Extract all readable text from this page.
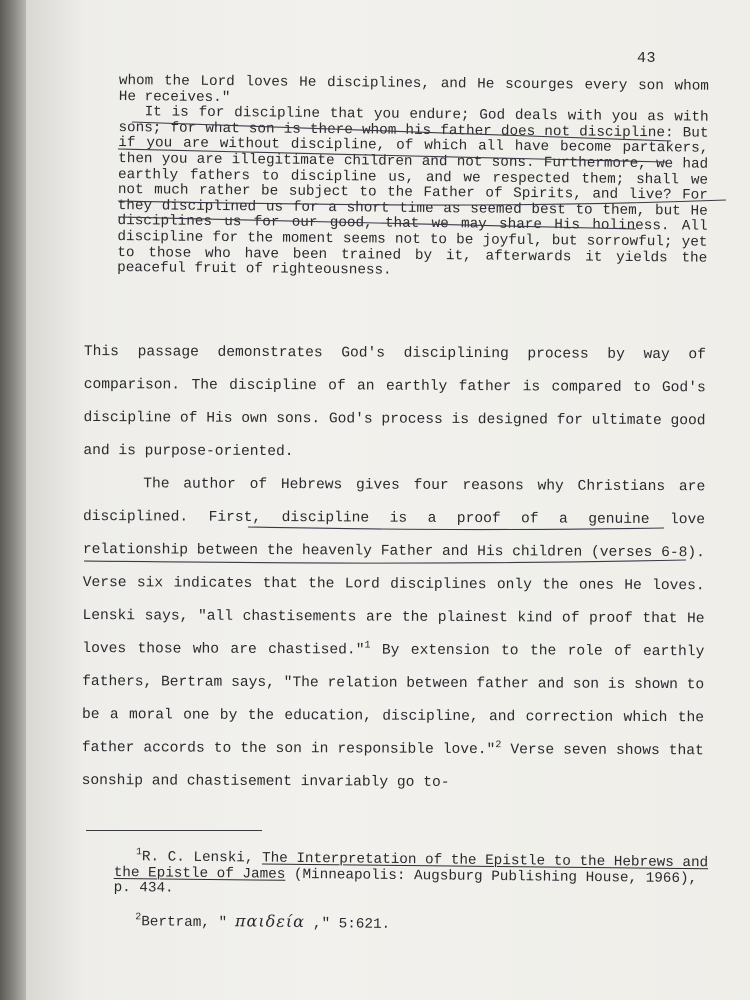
43

whom the Lord loves He disciplines, and He scourges every son whom He receives."

It is for discipline that you endure; God deals with you as with sons; for what son is there whom his father does not discipline: But if you are without discipline, of which all have become partakers, then you are illegitimate children and not sons. Furthermore, we had earthly fathers to discipline us, and we respected them; shall we not much rather be subject to the Father of Spirits, and live? For they disciplined us for a short time as seemed best to them, but He disciplines us for our good, that we may share His holiness. All discipline for the moment seems not to be joyful, but sorrowful; yet to those who have been trained by it, afterwards it yields the peaceful fruit of righteousness.

This passage demonstrates God's disciplining process by way of comparison. The discipline of an earthly father is compared to God's discipline of His own sons. God's process is designed for ultimate good and is purpose-oriented.

The author of Hebrews gives four reasons why Christians are disciplined. First, discipline is a proof of a genuine love relationship between the heavenly Father and His children (verses 6-8). Verse six indicates that the Lord disciplines only the ones He loves. Lenski says, "all chastisements are the plainest kind of proof that He loves those who are chastised."$^1$ By extension to the role of earthly fathers, Bertram says, "The relation between father and son is shown to be a moral one by the education, discipline, and correction which the father accords to the son in responsible love."$^2$ Verse seven shows that sonship and chastisement invariably go to-

$^1$R. C. Lenski, The Interpretation of the Epistle to the Hebrews and the Epistle of James (Minneapolis: Augsburg Publishing House, 1966), p. 434.

$^2$Bertram, " παιδεία ," 5:621.
